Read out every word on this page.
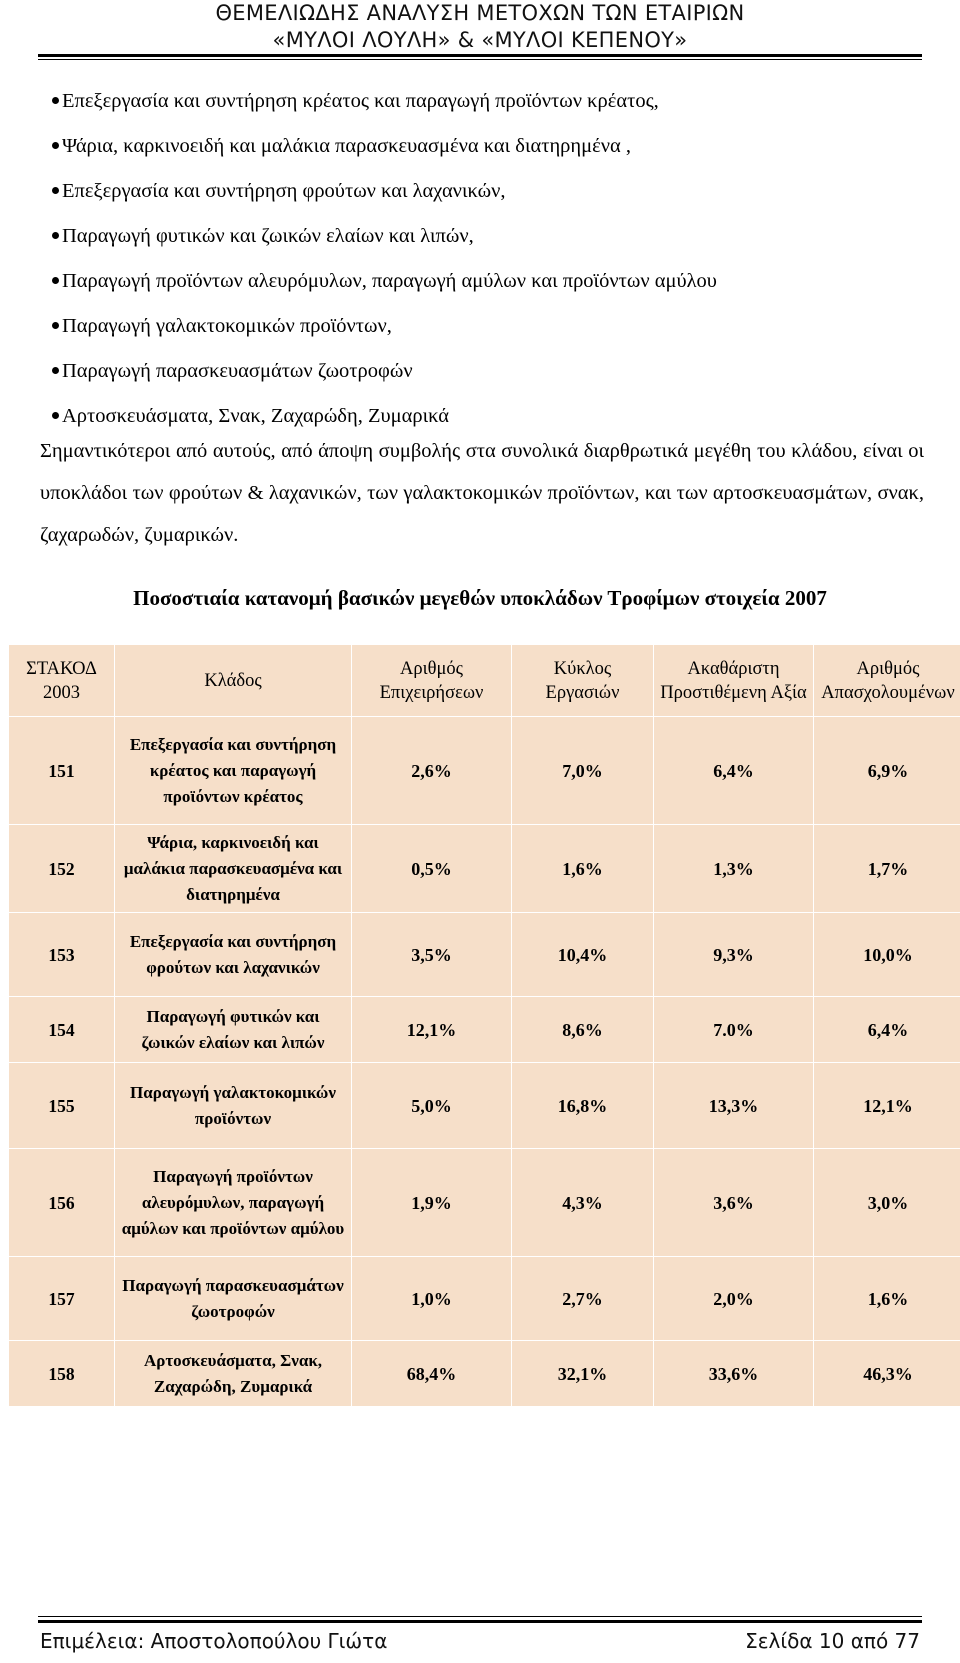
ΘΕΜΕΛΙΩΔΗΣ ΑΝΑΛΥΣΗ ΜΕΤΟΧΩΝ ΤΩΝ ΕΤΑΙΡΙΩΝ
«ΜΥΛΟΙ ΛΟΥΛΗ» & «ΜΥΛΟΙ ΚΕΠΕΝΟΥ»
Επεξεργασία και συντήρηση κρέατος και παραγωγή προϊόντων κρέατος,
Ψάρια, καρκινοειδή και μαλάκια παρασκευασμένα και διατηρημένα ,
Επεξεργασία και συντήρηση φρούτων και λαχανικών,
Παραγωγή φυτικών και ζωικών ελαίων και λιπών,
Παραγωγή προϊόντων αλευρόμυλων, παραγωγή αμύλων και προϊόντων αμύλου
Παραγωγή γαλακτοκομικών προϊόντων,
Παραγωγή παρασκευασμάτων ζωοτροφών
Αρτοσκευάσματα, Σνακ, Ζαχαρώδη, Ζυμαρικά

Σημαντικότεροι από αυτούς, από άποψη συμβολής στα συνολικά διαρθρωτικά μεγέθη του κλάδου, είναι οι υποκλάδοι των φρούτων & λαχανικών, των γαλακτοκομικών προϊόντων, και των αρτοσκευασμάτων, σνακ, ζαχαρωδών, ζυμαρικών.

Ποσοστιαία κατανομή βασικών μεγεθών υποκλάδων Τροφίμων στοιχεία 2007
ΣΤΑΚΟΔ 2003	Κλάδος	Αριθμός Επιχειρήσεων	Κύκλος Εργασιών	Ακαθάριστη Προστιθέμενη Αξία	Αριθμός Απασχολουμένων
151	Επεξεργασία και συντήρηση κρέατος και παραγωγή προϊόντων κρέατος	2,6%	7,0%	6,4%	6,9%
152	Ψάρια, καρκινοειδή και μαλάκια παρασκευασμένα και διατηρημένα	0,5%	1,6%	1,3%	1,7%
153	Επεξεργασία και συντήρηση φρούτων και λαχανικών	3,5%	10,4%	9,3%	10,0%
154	Παραγωγή φυτικών και ζωικών ελαίων και λιπών	12,1%	8,6%	7.0%	6,4%
155	Παραγωγή γαλακτοκομικών προϊόντων	5,0%	16,8%	13,3%	12,1%
156	Παραγωγή προϊόντων αλευρόμυλων, παραγωγή αμύλων και προϊόντων αμύλου	1,9%	4,3%	3,6%	3,0%
157	Παραγωγή παρασκευασμάτων ζωοτροφών	1,0%	2,7%	2,0%	1,6%
158	Αρτοσκευάσματα, Σνακ, Ζαχαρώδη, Ζυμαρικά	68,4%	32,1%	33,6%	46,3%
Επιμέλεια: Αποστολοπούλου Γιώτα	Σελίδα 10 από 77
